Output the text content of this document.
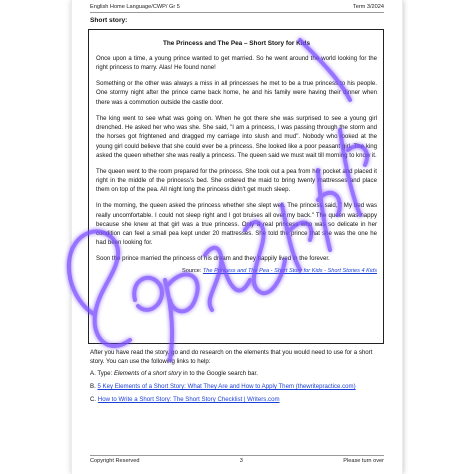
English Home Language/CWP/ Gr 5	Term 3/2024
Short story:
The Princess and The Pea – Short Story for Kids

Once upon a time, a young prince wanted to get married. So he went around the world looking for the right princess to marry. Alas! He found none!

Something or the other was always a miss in all princesses he met to be a true princess to his people. One stormy night after the prince came back home, he and his family were having their dinner when there was a commotion outside the castle door.

The king went to see what was going on. When he got there she was surprised to see a young girl drenched. He asked her who was she. She said, "I am a princess, I was passing through the storm and the horses got frightened and dragged my carriage into slush and mud". Nobody who looked at the young girl could believe that she could ever be a princess. She looked like a poor peasant girl. The king asked the queen whether she was really a princess. The queen said we must wait till morning to know it.

The queen went to the room prepared for the princess. She took out a pea from her pocket and placed it right in the middle of the princess's bed. She ordered the maid to bring twenty mattresses and place them on top of the pea. All night long the princess didn't get much sleep.

In the morning, the queen asked the princess whether she slept well. The princess said, " My bed was really uncomfortable. I could not sleep right and I got bruises all over my back." The queen was happy because she knew at that girl was a true princess. Only a real princess who was so delicate in her condition can feel a small pea kept under 20 mattresses. She told the prince that she was the one he had been looking for.

Soon the prince married the princess of his dream and they happily lived in the forever.

Source: The Princess and The Pea - Short Story for Kids - Short Stories 4 Kids

After you have read the story, go and do research on the elements that you would need to use for a short story. You can use the following links to help:

A. Type: Elements of a short story in to the Google search bar.

B. 5 Key Elements of a Short Story: What They Are and How to Apply Them (thewritepractice.com)

C. How to Write a Short Story: The Short Story Checklist | Writers.com

Copyright Reserved	3	Please turn over
